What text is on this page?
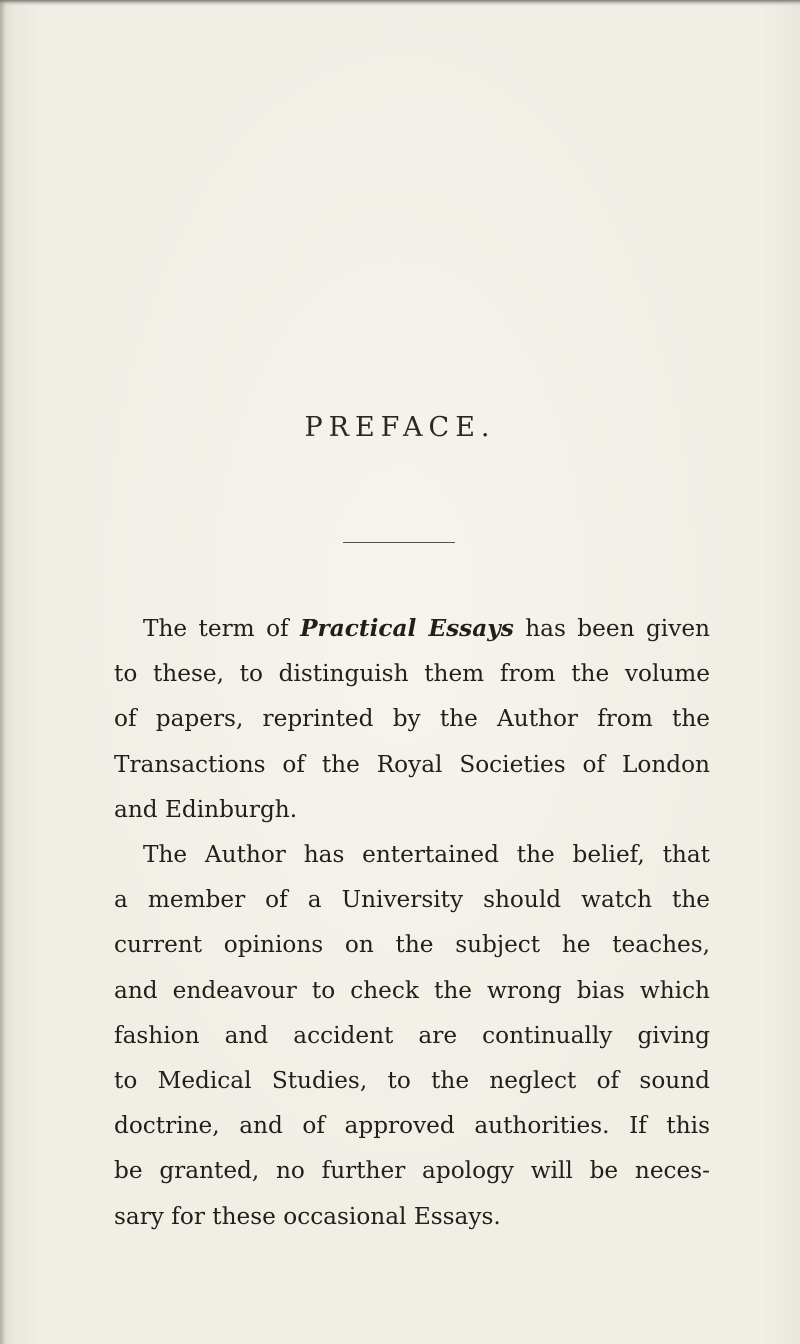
PREFACE.
The term of Practical Essays has been given
to these, to distinguish them from the volume
of papers, reprinted by the Author from the
Transactions of the Royal Societies of London
and Edinburgh.
The Author has entertained the belief, that
a member of a University should watch the
current opinions on the subject he teaches,
and endeavour to check the wrong bias which
fashion and accident are continually giving
to Medical Studies, to the neglect of sound
doctrine, and of approved authorities. If this
be granted, no further apology will be neces-
sary for these occasional Essays.
